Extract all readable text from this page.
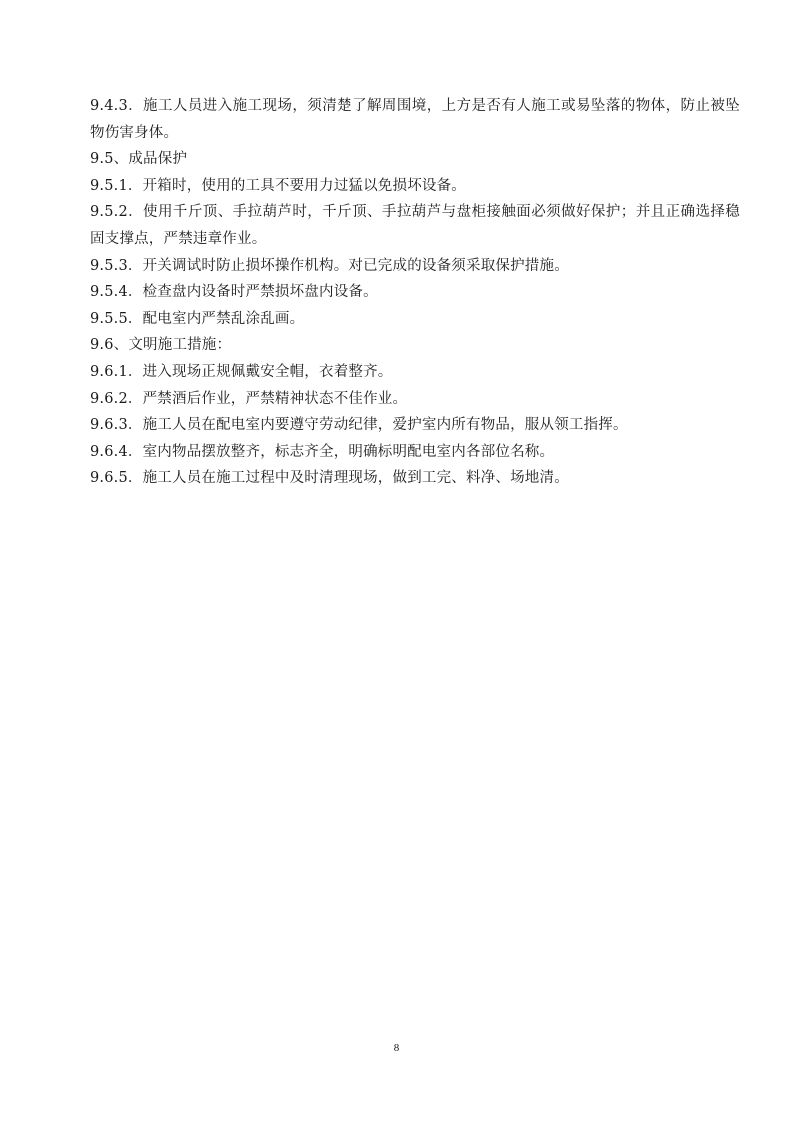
9.4.3．施工人员进入施工现场，须清楚了解周围境，上方是否有人施工或易坠落的物体，防止被坠物伤害身体。
9.5、成品保护
9.5.1．开箱时，使用的工具不要用力过猛以免损坏设备。
9.5.2．使用千斤顶、手拉葫芦时，千斤顶、手拉葫芦与盘柜接触面必须做好保护；并且正确选择稳固支撑点，严禁违章作业。
9.5.3．开关调试时防止损坏操作机构。对已完成的设备须采取保护措施。
9.5.4．检查盘内设备时严禁损坏盘内设备。
9.5.5．配电室内严禁乱涂乱画。
9.6、文明施工措施：
9.6.1．进入现场正规佩戴安全帽，衣着整齐。
9.6.2．严禁酒后作业，严禁精神状态不佳作业。
9.6.3．施工人员在配电室内要遵守劳动纪律，爱护室内所有物品，服从领工指挥。
9.6.4．室内物品摆放整齐，标志齐全，明确标明配电室内各部位名称。
9.6.5．施工人员在施工过程中及时清理现场，做到工完、料净、场地清。
8
